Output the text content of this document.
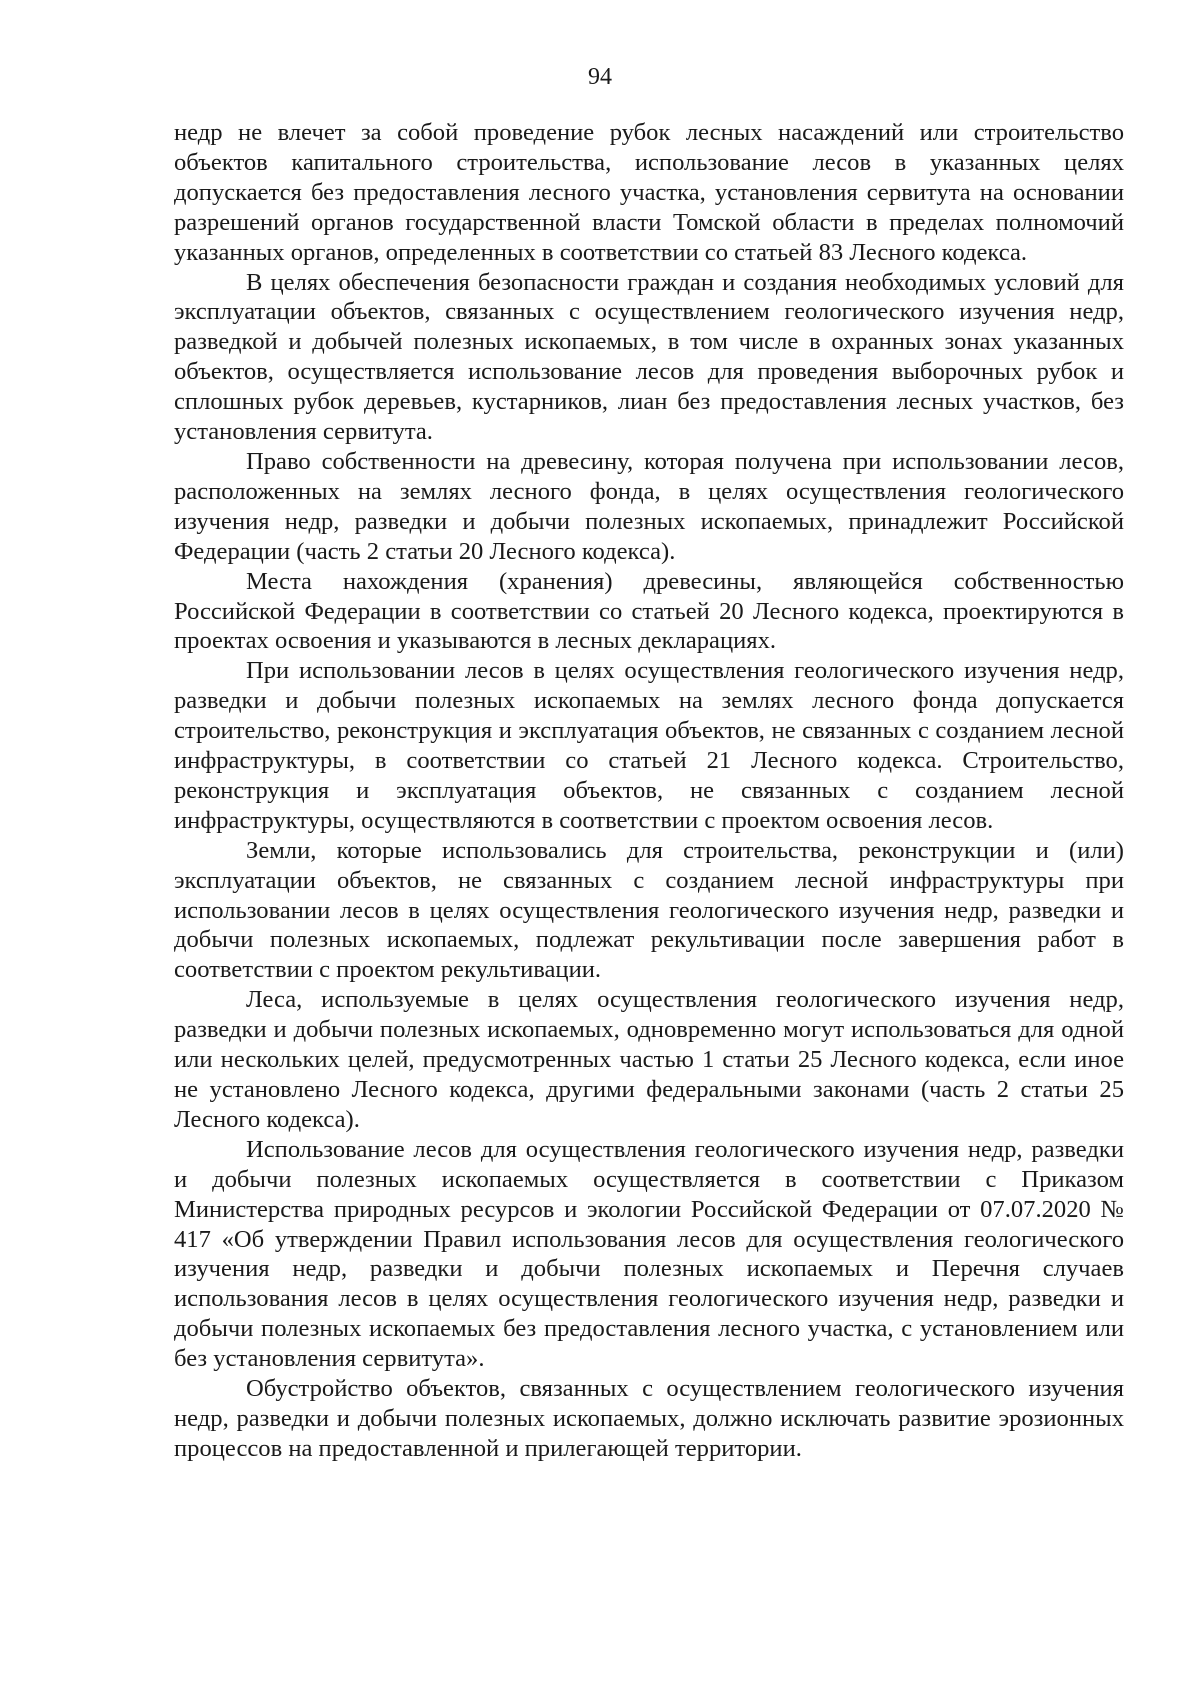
94

недр не влечет за собой проведение рубок лесных насаждений или строительство объектов капитального строительства, использование лесов в указанных целях допускается без предоставления лесного участка, установления сервитута на основании разрешений органов государственной власти Томской области в пределах полномочий указанных органов, определенных в соответствии со статьей 83 Лесного кодекса.

В целях обеспечения безопасности граждан и создания необходимых условий для эксплуатации объектов, связанных с осуществлением геологического изучения недр, разведкой и добычей полезных ископаемых, в том числе в охранных зонах указанных объектов, осуществляется использование лесов для проведения выборочных рубок и сплошных рубок деревьев, кустарников, лиан без предоставления лесных участков, без установления сервитута.

Право собственности на древесину, которая получена при использовании лесов, расположенных на землях лесного фонда, в целях осуществления геологического изучения недр, разведки и добычи полезных ископаемых, принадлежит Российской Федерации (часть 2 статьи 20 Лесного кодекса).

Места нахождения (хранения) древесины, являющейся собственностью Российской Федерации в соответствии со статьей 20 Лесного кодекса, проектируются в проектах освоения и указываются в лесных декларациях.

При использовании лесов в целях осуществления геологического изучения недр, разведки и добычи полезных ископаемых на землях лесного фонда допускается строительство, реконструкция и эксплуатация объектов, не связанных с созданием лесной инфраструктуры, в соответствии со статьей 21 Лесного кодекса. Строительство, реконструкция и эксплуатация объектов, не связанных с созданием лесной инфраструктуры, осуществляются в соответствии с проектом освоения лесов.

Земли, которые использовались для строительства, реконструкции и (или) эксплуатации объектов, не связанных с созданием лесной инфраструктуры при использовании лесов в целях осуществления геологического изучения недр, разведки и добычи полезных ископаемых, подлежат рекультивации после завершения работ в соответствии с проектом рекультивации.

Леса, используемые в целях осуществления геологического изучения недр, разведки и добычи полезных ископаемых, одновременно могут использоваться для одной или нескольких целей, предусмотренных частью 1 статьи 25 Лесного кодекса, если иное не установлено Лесного кодекса, другими федеральными законами (часть 2 статьи 25 Лесного кодекса).

Использование лесов для осуществления геологического изучения недр, разведки и добычи полезных ископаемых осуществляется в соответствии с Приказом Министерства природных ресурсов и экологии Российской Федерации от 07.07.2020 № 417 «Об утверждении Правил использования лесов для осуществления геологического изучения недр, разведки и добычи полезных ископаемых и Перечня случаев использования лесов в целях осуществления геологического изучения недр, разведки и добычи полезных ископаемых без предоставления лесного участка, с установлением или без установления сервитута».

Обустройство объектов, связанных с осуществлением геологического изучения недр, разведки и добычи полезных ископаемых, должно исключать развитие эрозионных процессов на предоставленной и прилегающей территории.
